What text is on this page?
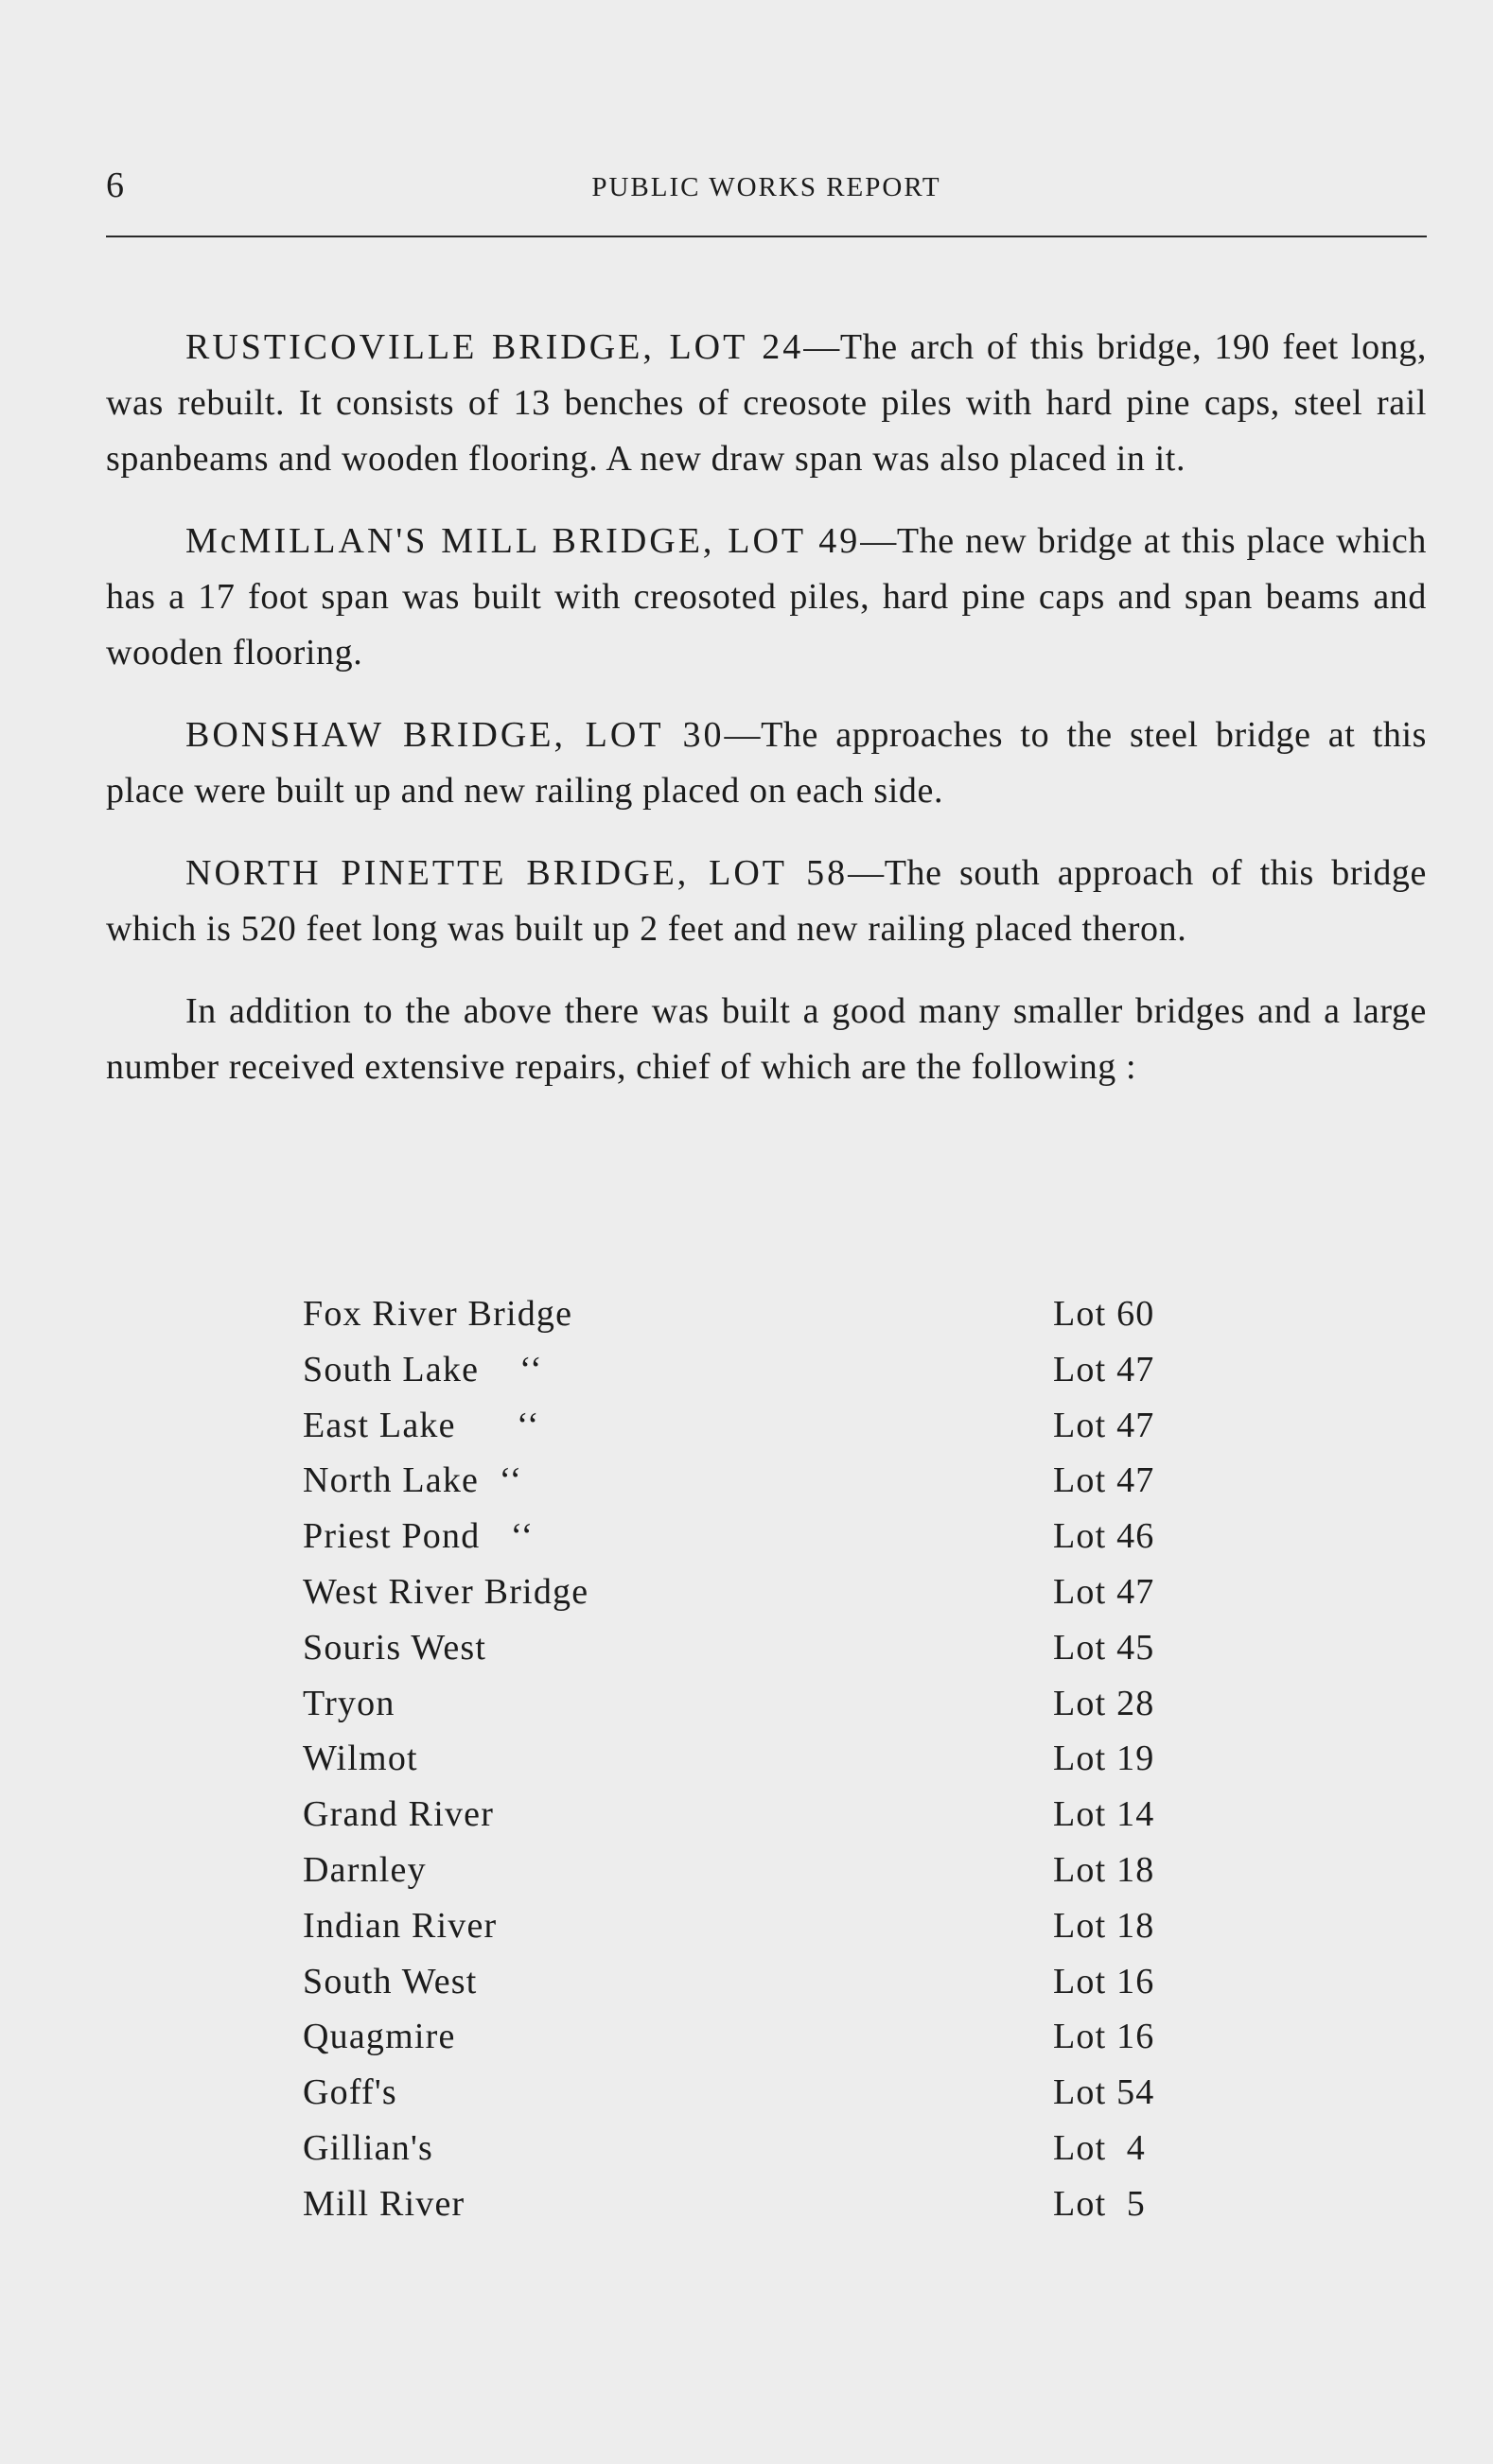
6	PUBLIC WORKS REPORT

RUSTICOVILLE BRIDGE, LOT 24—The arch of this bridge, 190 feet long, was rebuilt. It consists of 13 benches of creosote piles with hard pine caps, steel rail spanbeams and wooden flooring. A new draw span was also placed in it.

McMILLAN'S MILL BRIDGE, LOT 49—The new bridge at this place which has a 17 foot span was built with creosoted piles, hard pine caps and span beams and wooden flooring.

BONSHAW BRIDGE, LOT 30—The approaches to the steel bridge at this place were built up and new railing placed on each side.

NORTH PINETTE BRIDGE, LOT 58—The south approach of this bridge which is 520 feet long was built up 2 feet and new railing placed theron.

In addition to the above there was built a good many smaller bridges and a large number received extensive repairs, chief of which are the following :

Fox River Bridge	Lot 60
South Lake    ‘‘	Lot 47
East Lake      ‘‘	Lot 47
North Lake  ‘‘	Lot 47
Priest Pond   ‘‘	Lot 46
West River Bridge	Lot 47
Souris West	Lot 45
Tryon	Lot 28
Wilmot	Lot 19
Grand River	Lot 14
Darnley	Lot 18
Indian River	Lot 18
South West	Lot 16
Quagmire	Lot 16
Goff's	Lot 54
Gillian's	Lot  4
Mill River	Lot  5
